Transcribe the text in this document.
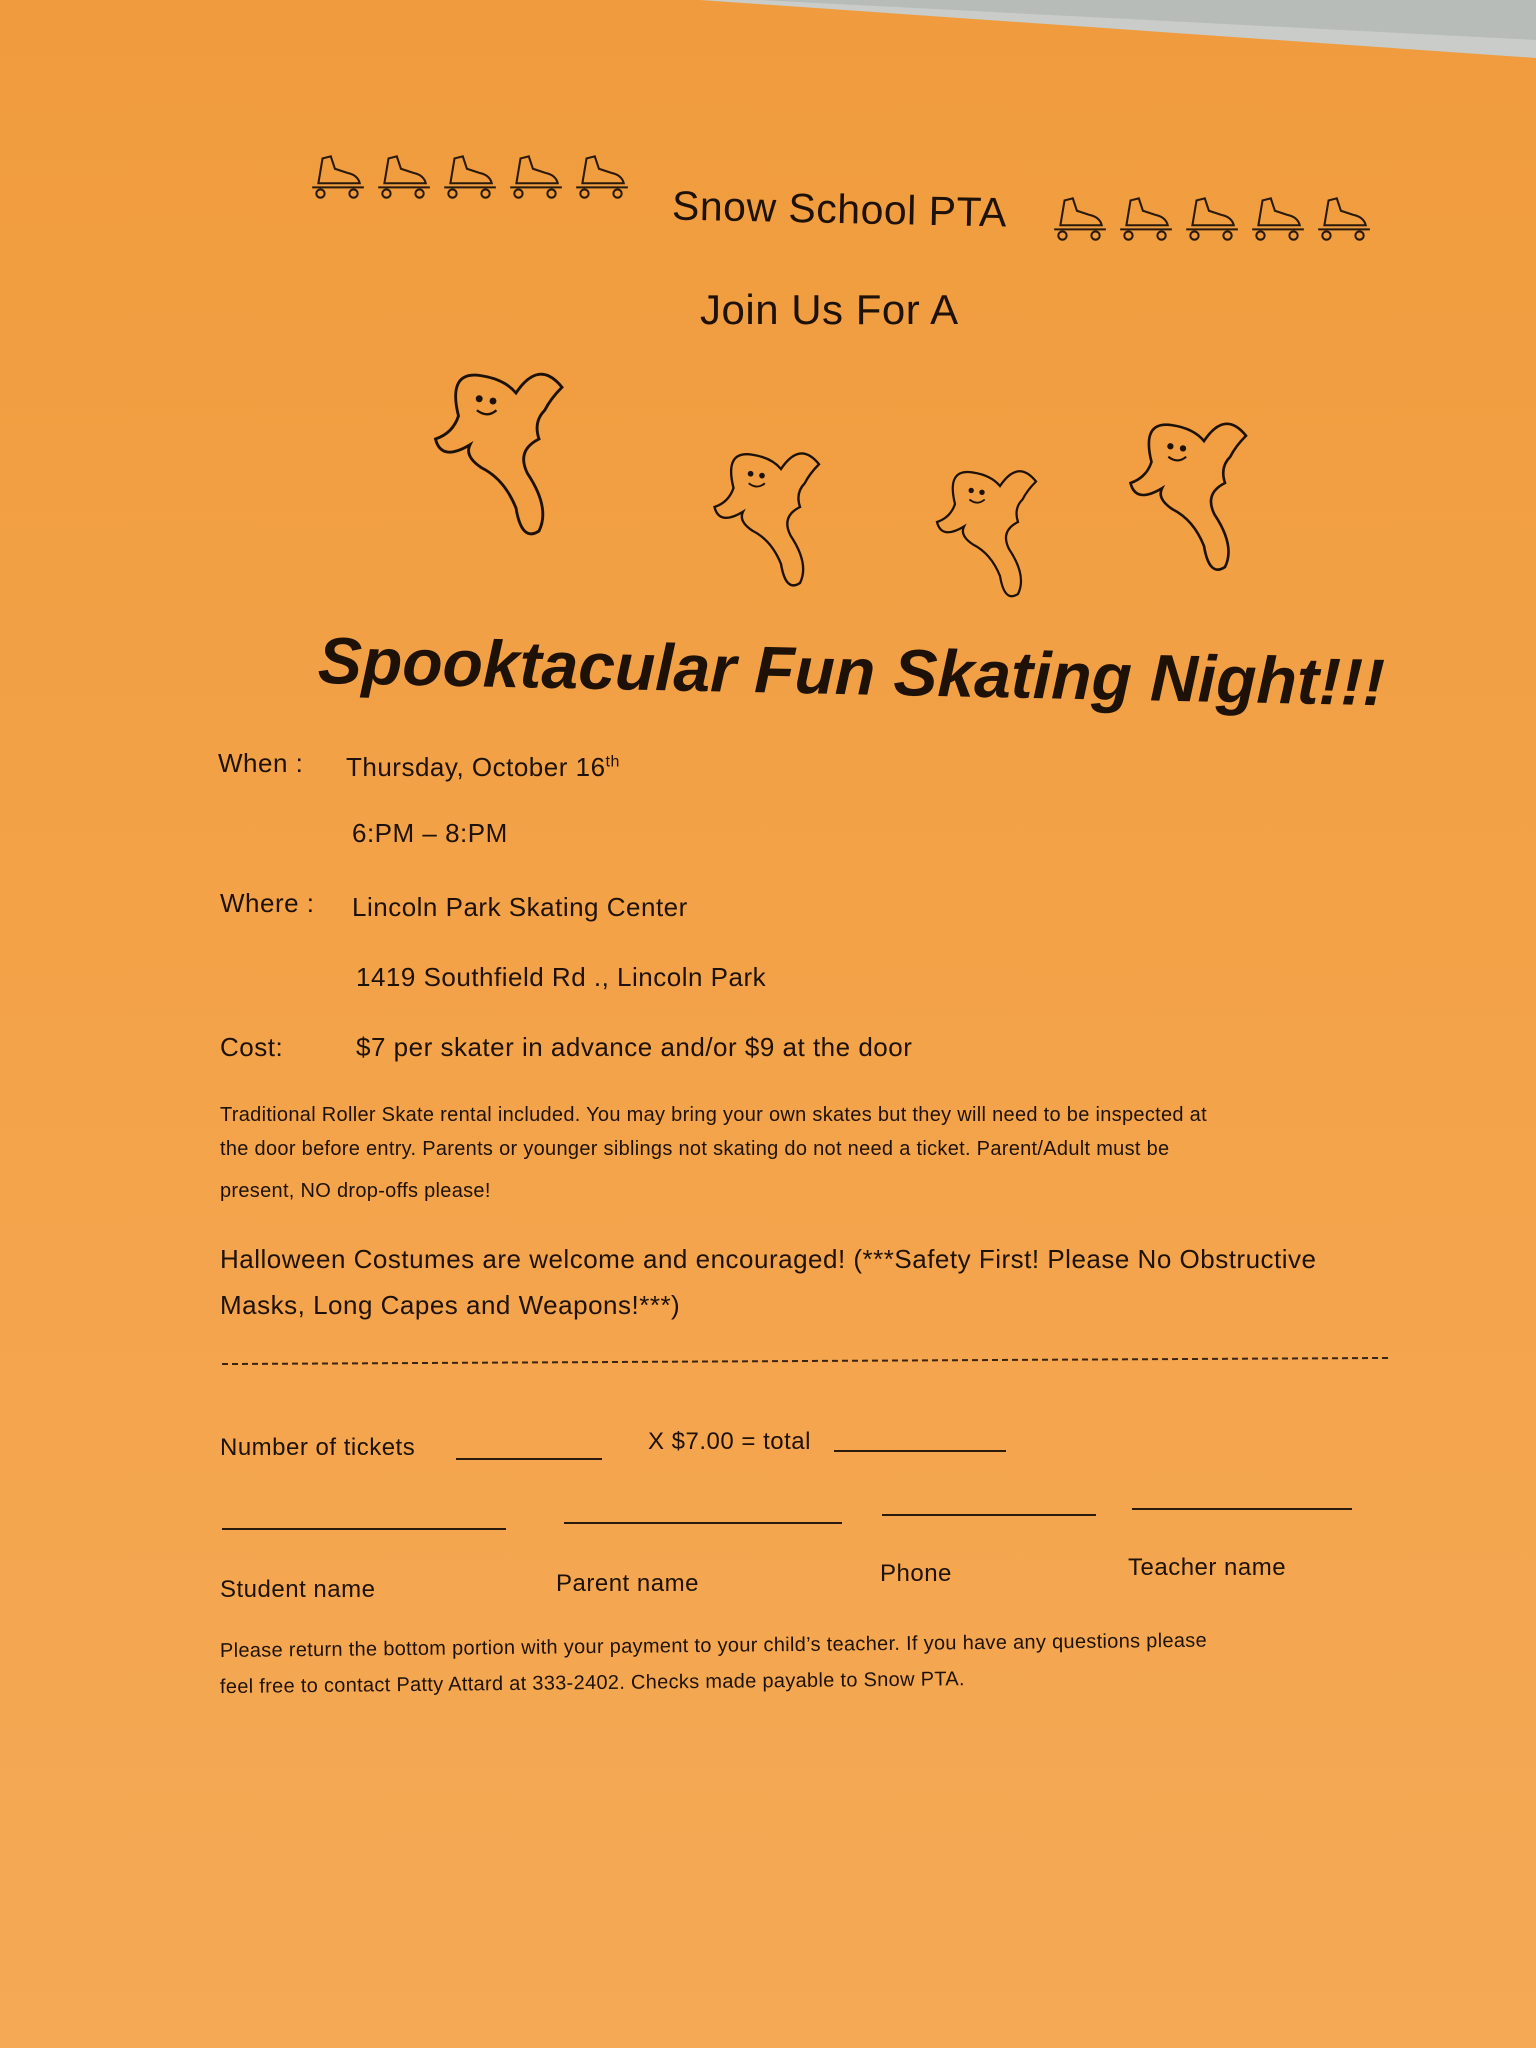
Snow School PTA
Join Us For A
Spooktacular Fun Skating Night!!!
When : Thursday, October 16th
6:PM – 8:PM
Where : Lincoln Park Skating Center
1419 Southfield Rd ., Lincoln Park
Cost:	$7 per skater in advance and/or $9 at the door
Traditional Roller Skate rental included. You may bring your own skates but they will need to be inspected at
the door before entry. Parents or younger siblings not skating do not need a ticket. Parent/Adult must be
present, NO drop-offs please!
Halloween Costumes are welcome and encouraged! (***Safety First! Please No Obstructive
Masks, Long Capes and Weapons!***)
Number of tickets	X $7.00 = total
Student name	Parent name	Phone	Teacher name
Please return the bottom portion with your payment to your child’s teacher. If you have any questions please
feel free to contact Patty Attard at 333-2402. Checks made payable to Snow PTA.
